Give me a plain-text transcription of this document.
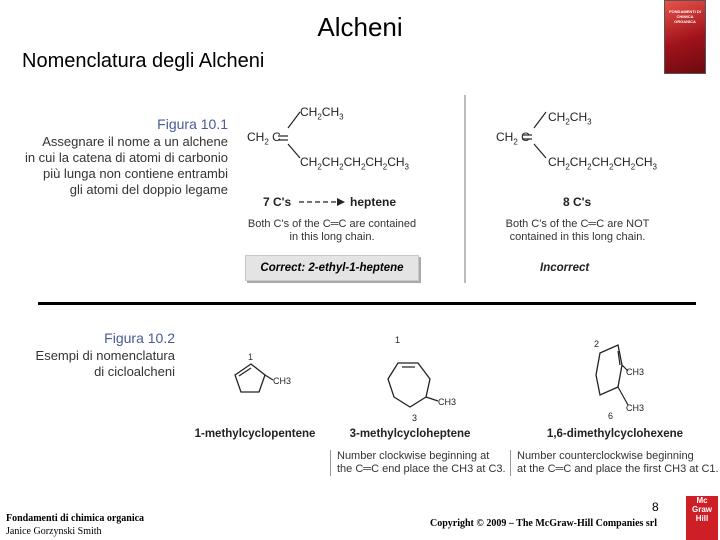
Alcheni
Nomenclatura degli Alcheni
FONDAMENTI DI CHIMICA ORGANICA
Figura 10.1
Assegnare il nome a un alchene
in cui la catena di atomi di carbonio
più lunga non contiene entrambi
gli atomi del doppio legame
$CH_2CH_3$
$CH_2$ C
$CH_2CH_2CH_2CH_2CH_3$
7 C's	heptene
Both C's of the C═C are contained
in this long chain.
Correct: 2-ethyl-1-heptene
$CH_2CH_3$
$CH_2$ C
$CH_2CH_2CH_2CH_2CH_3$
8 C's
Both C's of the C═C are NOT
contained in this long chain.
Incorrect
Figura 10.2
Esempi di nomenclatura
di cicloalcheni
1
CH3
1-methylcyclopentene
1
CH3
3
3-methylcycloheptene
2
CH3
6
CH3
1,6-dimethylcyclohexene
Number clockwise beginning at
the C═C end place the CH3 at C3.
Number counterclockwise beginning
at the C═C and place the first CH3 at C1.
Fondamenti di chimica organica
Janice Gorzynski Smith
8
Copyright © 2009 – The McGraw-Hill Companies srl
Mc Graw Hill
